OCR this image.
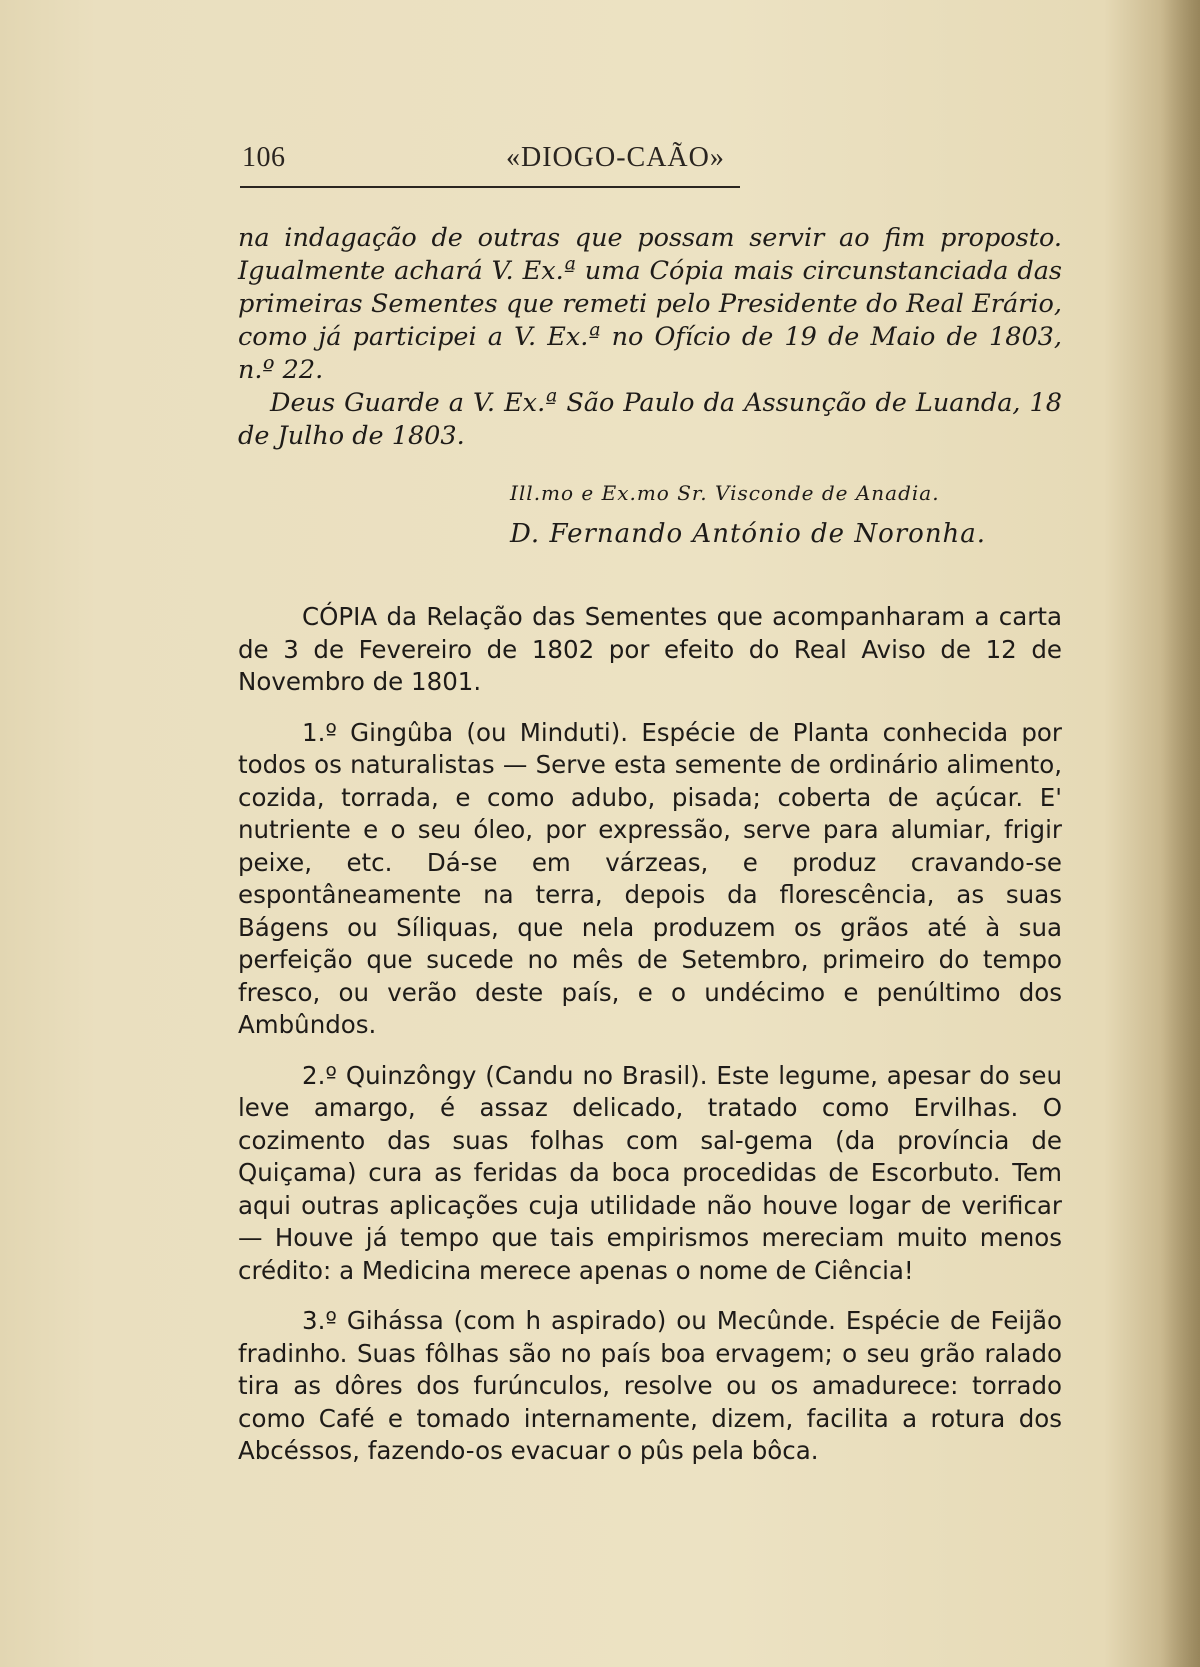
106	«DIOGO-CAÃO»

na indagação de outras que possam servir ao fim proposto. Igualmente achará V. Ex.ª uma Cópia mais circunstanciada das primeiras Sementes que remeti pelo Presidente do Real Erário, como já participei a V. Ex.ª no Ofício de 19 de Maio de 1803, n.º 22.

Deus Guarde a V. Ex.ª São Paulo da Assunção de Luanda, 18 de Julho de 1803.

Ill.mo e Ex.mo Sr. Visconde de Anadia.
D. Fernando António de Noronha.

CÓPIA da Relação das Sementes que acompanharam a carta de 3 de Fevereiro de 1802 por efeito do Real Aviso de 12 de Novembro de 1801.

1.º Gingûba (ou Minduti). Espécie de Planta conhecida por todos os naturalistas — Serve esta semente de ordinário alimento, cozida, torrada, e como adubo, pisada; coberta de açúcar. E' nutriente e o seu óleo, por expressão, serve para alumiar, frigir peixe, etc. Dá-se em várzeas, e produz cravando-se espontâneamente na terra, depois da florescência, as suas Bágens ou Síliquas, que nela produzem os grãos até à sua perfeição que sucede no mês de Setembro, primeiro do tempo fresco, ou verão deste país, e o undécimo e penúltimo dos Ambûndos.

2.º Quinzôngy (Candu no Brasil). Este legume, apesar do seu leve amargo, é assaz delicado, tratado como Ervilhas. O cozimento das suas folhas com sal-gema (da província de Quiçama) cura as feridas da boca procedidas de Escorbuto. Tem aqui outras aplicações cuja utilidade não houve logar de verificar — Houve já tempo que tais empirismos mereciam muito menos crédito: a Medicina merece apenas o nome de Ciência!

3.º Gihássa (com h aspirado) ou Mecûnde. Espécie de Feijão fradinho. Suas fôlhas são no país boa ervagem; o seu grão ralado tira as dôres dos furúnculos, resolve ou os amadurece: torrado como Café e tomado internamente, dizem, facilita a rotura dos Abcéssos, fazendo-os evacuar o pûs pela bôca.
